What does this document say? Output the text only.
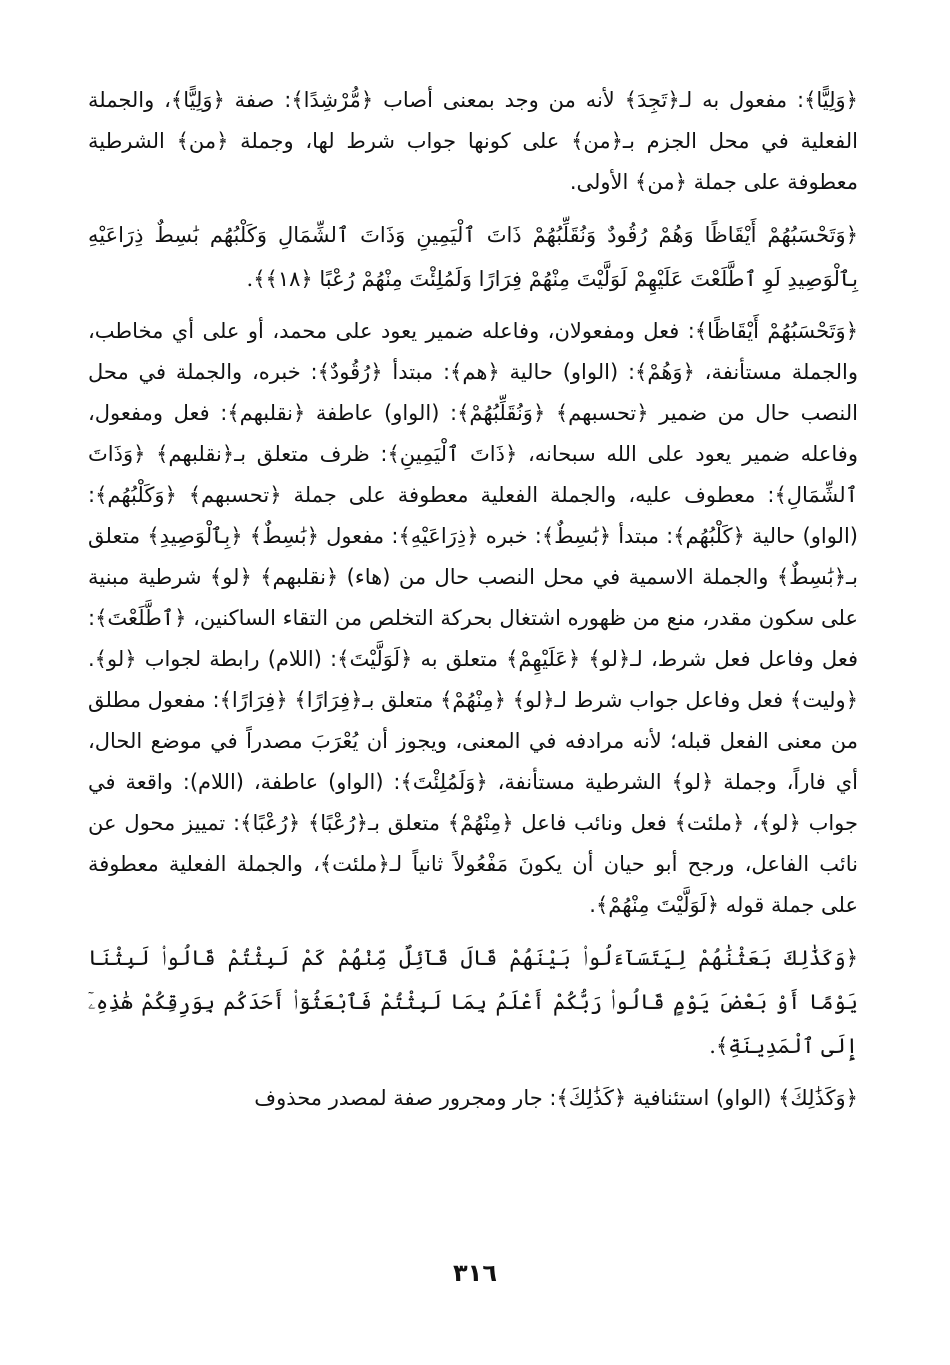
﴿وَلِيًّا﴾: مفعول به لـ﴿تَجِدَ﴾ لأنه من وجد بمعنى أصاب ﴿مُّرْشِدًا﴾: صفة ﴿وَلِيًّا﴾، والجملة الفعلية في محل الجزم بـ﴿من﴾ على كونها جواب شرط لها، وجملة ﴿من﴾ الشرطية معطوفة على جملة ﴿من﴾ الأولى.

﴿وَتَحْسَبُهُمْ أَيْقَاظًا وَهُمْ رُقُودٌ وَنُقَلِّبُهُمْ ذَاتَ ٱلْيَمِينِ وَذَاتَ ٱلشِّمَالِ وَكَلْبُهُم بَٰسِطٌ ذِرَاعَيْهِ بِٱلْوَصِيدِ لَوِ ٱطَّلَعْتَ عَلَيْهِمْ لَوَلَّيْتَ مِنْهُمْ فِرَارًا وَلَمُلِئْتَ مِنْهُمْ رُعْبًا ﴿١٨﴾﴾.

﴿وَتَحْسَبُهُمْ أَيْقَاظًا﴾: فعل ومفعولان، وفاعله ضمير يعود على محمد، أو على أي مخاطب، والجملة مستأنفة، ﴿وَهُمْ﴾: (الواو) حالية ﴿هم﴾: مبتدأ ﴿رُقُودٌ﴾: خبره، والجملة في محل النصب حال من ضمير ﴿تحسبهم﴾ ﴿وَنُقَلِّبُهُمْ﴾: (الواو) عاطفة ﴿نقلبهم﴾: فعل ومفعول، وفاعله ضمير يعود على الله سبحانه، ﴿ذَاتَ ٱلْيَمِينِ﴾: ظرف متعلق بـ﴿نقلبهم﴾ ﴿وَذَاتَ ٱلشِّمَالِ﴾: معطوف عليه، والجملة الفعلية معطوفة على جملة ﴿تحسبهم﴾ ﴿وَكَلْبُهُم﴾: (الواو) حالية ﴿كَلْبُهُم﴾: مبتدأ ﴿بَٰسِطٌ﴾: خبره ﴿ذِرَاعَيْهِ﴾: مفعول ﴿بَٰسِطٌ﴾ ﴿بِٱلْوَصِيدِ﴾ متعلق بـ﴿بَٰسِطٌ﴾ والجملة الاسمية في محل النصب حال من (هاء) ﴿نقلبهم﴾ ﴿لو﴾ شرطية مبنية على سكون مقدر، منع من ظهوره اشتغال بحركة التخلص من التقاء الساكنين، ﴿ٱطَّلَعْتَ﴾: فعل وفاعل فعل شرط، لـ﴿لو﴾ ﴿عَلَيْهِمْ﴾ متعلق به ﴿لَوَلَّيْتَ﴾: (اللام) رابطة لجواب ﴿لو﴾. ﴿وليت﴾ فعل وفاعل جواب شرط لـ﴿لو﴾ ﴿مِنْهُمْ﴾ متعلق بـ﴿فِرَارًا﴾ ﴿فِرَارًا﴾: مفعول مطلق من معنى الفعل قبله؛ لأنه مرادفه في المعنى، ويجوز أن يُعْرَبَ مصدراً في موضع الحال، أي فاراً، وجملة ﴿لو﴾ الشرطية مستأنفة، ﴿وَلَمُلِئْتَ﴾: (الواو) عاطفة، (اللام): واقعة في جواب ﴿لو﴾، ﴿ملئت﴾ فعل ونائب فاعل ﴿مِنْهُمْ﴾ متعلق بـ﴿رُعْبًا﴾ ﴿رُعْبًا﴾: تمييز محول عن نائب الفاعل، ورجح أبو حيان أن يكونَ مَفْعُولاً ثانياً لـ﴿ملئت﴾، والجملة الفعلية معطوفة على جملة قوله ﴿لَوَلَّيْتَ مِنْهُمْ﴾.

﴿وَكَذَٰلِكَ بَعَثْنَٰهُمْ لِيَتَسَآءَلُوا۟ بَيْنَهُمْ قَالَ قَآئِلٌ مِّنْهُمْ كَمْ لَبِثْتُمْ قَالُوا۟ لَبِثْنَا يَوْمًا أَوْ بَعْضَ يَوْمٍ قَالُوا۟ رَبُّكُمْ أَعْلَمُ بِمَا لَبِثْتُمْ فَٱبْعَثُوٓا۟ أَحَدَكُم بِوَرِقِكُمْ هَٰذِهِۦٓ إِلَى ٱلْمَدِينَةِ﴾.

﴿وَكَذَٰلِكَ﴾ (الواو) استئنافية ﴿كَذَٰلِكَ﴾: جار ومجرور صفة لمصدر محذوف

٣١٦
